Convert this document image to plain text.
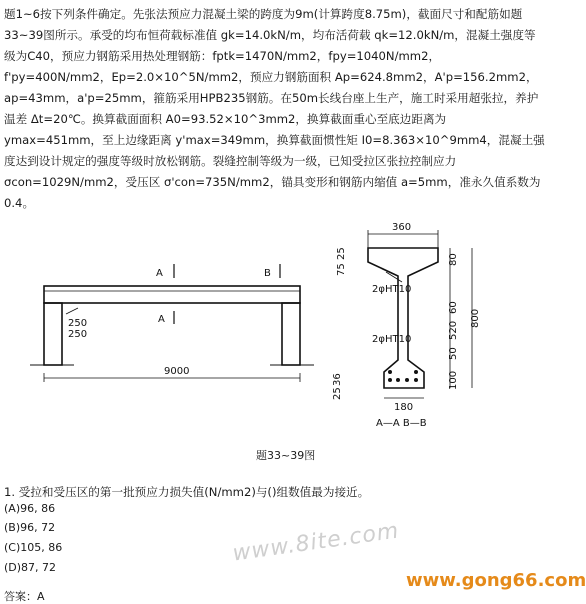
题1~6按下列条件确定。先张法预应力混凝土梁的跨度为9m(计算跨度8.75m)，截面尺寸和配筋如题33~39图所示。承受的均布恒荷载标准值 gk=14.0kN/m，均布活荷载 qk=12.0kN/m，混凝土强度等级为C40，预应力钢筋采用热处理钢筋：fptk=1470N/mm2，fpy=1040N/mm2，f'py=400N/mm2，Ep=2.0×10^5N/mm2，预应力钢筋面积 Ap=624.8mm2，A'p=156.2mm2，ap=43mm，a'p=25mm，箍筋采用HPB235钢筋。在50m长线台座上生产，施工时采用超张拉，养护温差 Δt=20℃。换算截面面积 A0=93.52×10^3mm2，换算截面重心至底边距离为 ymax=451mm，至上边缘距离 y'max=349mm，换算截面惯性矩 I0=8.363×10^9mm4，混凝土强度达到设计规定的强度等级时放松钢筋。裂缝控制等级为一级，已知受拉区张拉控制应力 σcon=1029N/mm2，受压区 σ'con=735N/mm2，锚具变形和钢筋内缩值 a=5mm，准永久值系数为0.4。
A	B
A
250
250
9000
360
25
75
36
25
2φHT10
2φHT10
180
80
60
520
50
100
800
A—A B—B
题33~39图
1. 受拉和受压区的第一批预应力损失值(N/mm2)与()组数值最为接近。
(A)96, 86
(B)96, 72
(C)105, 86
(D)87, 72
答案：A
www.8ite.com
www.gong66.com
